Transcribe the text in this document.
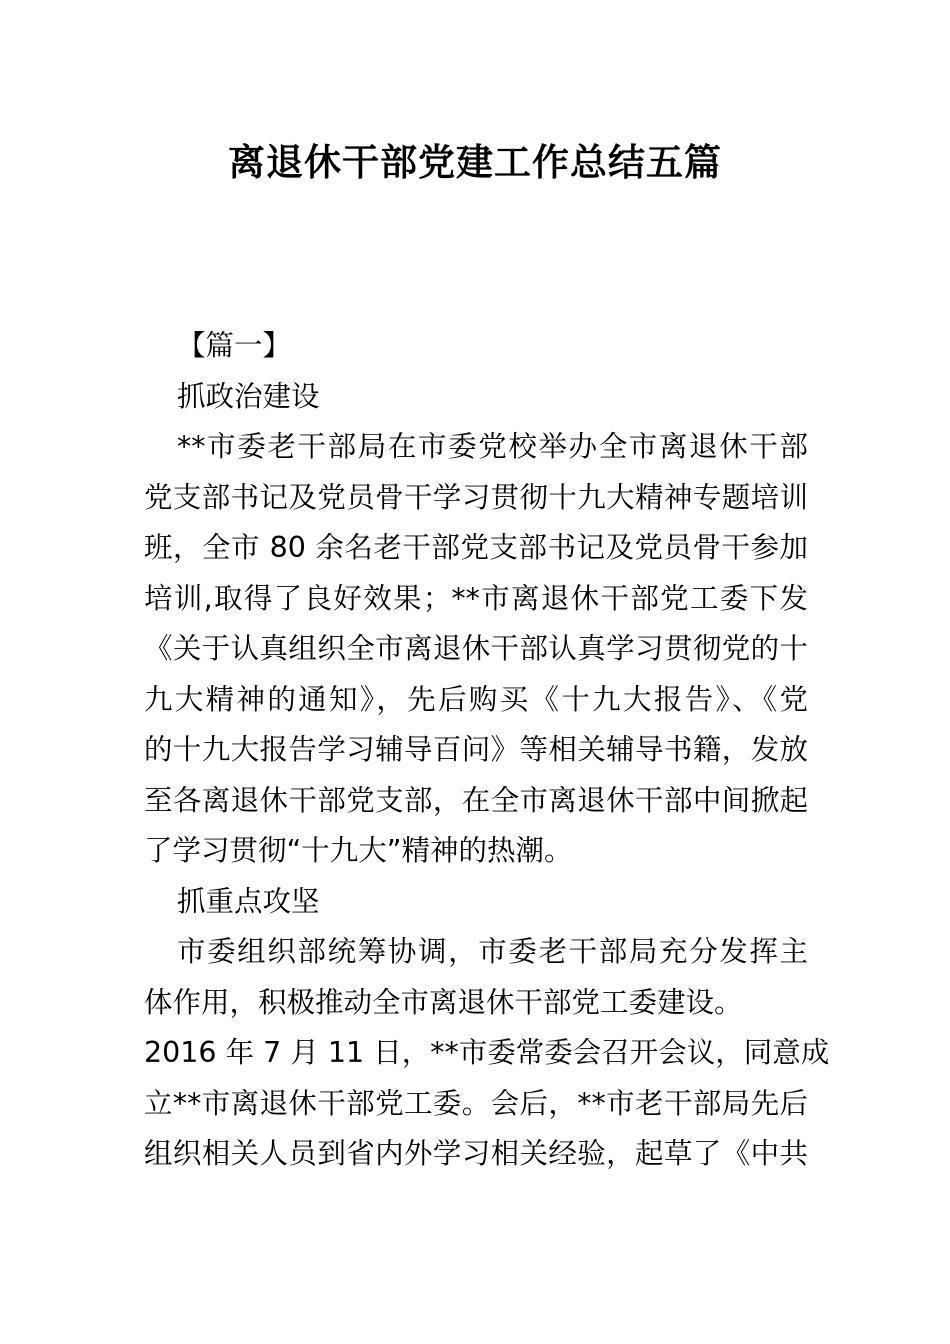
离退休干部党建工作总结五篇

【篇一】

抓政治建设

**市委老干部局在市委党校举办全市离退休干部
党支部书记及党员骨干学习贯彻十九大精神专题培训
班，全市 80 余名老干部党支部书记及党员骨干参加
培训,取得了良好效果；**市离退休干部党工委下发
《关于认真组织全市离退休干部认真学习贯彻党的十
九大精神的通知》，先后购买《十九大报告》、《党
的十九大报告学习辅导百问》等相关辅导书籍，发放
至各离退休干部党支部，在全市离退休干部中间掀起
了学习贯彻“十九大”精神的热潮。

抓重点攻坚

市委组织部统筹协调，市委老干部局充分发挥主
体作用，积极推动全市离退休干部党工委建设。
2016 年 7 月 11 日，**市委常委会召开会议，同意成
立**市离退休干部党工委。会后，**市老干部局先后
组织相关人员到省内外学习相关经验，起草了《中共
